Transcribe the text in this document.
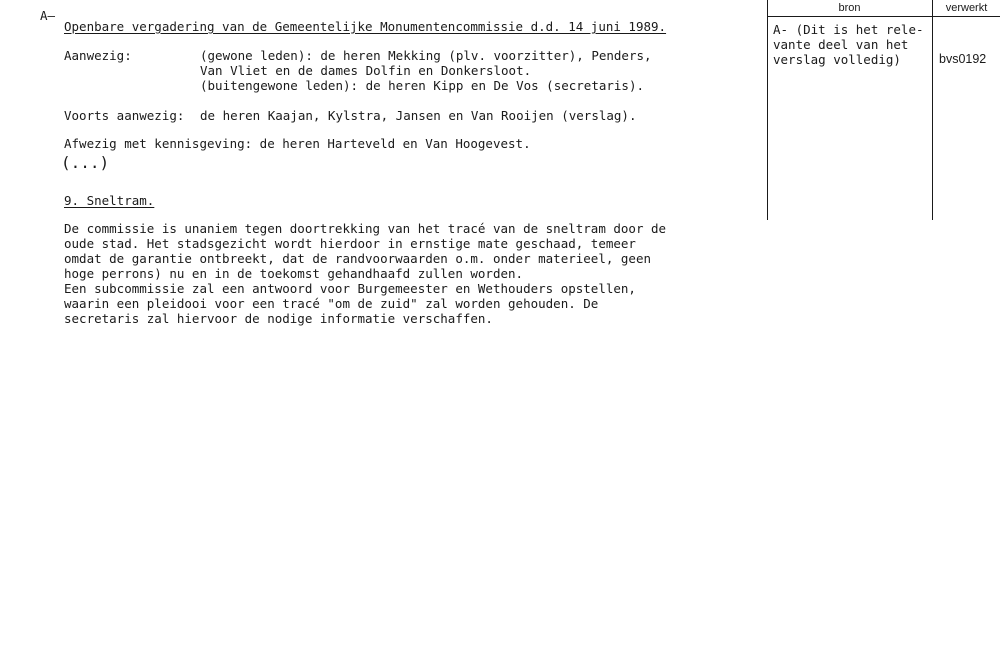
A—
Openbare vergadering van de Gemeentelijke Monumentencommissie d.d. 14 juni 1989.
Aanwezig:	(gewone leden): de heren Mekking (plv. voorzitter), Penders,
Van Vliet en de dames Dolfin en Donkersloot.
(buitengewone leden): de heren Kipp en De Vos (secretaris).
Voorts aanwezig: de heren Kaajan, Kylstra, Jansen en Van Rooijen (verslag).
Afwezig met kennisgeving: de heren Harteveld en Van Hoogevest.
(...)
9. Sneltram.
De commissie is unaniem tegen doortrekking van het tracé van de sneltram door de
oude stad. Het stadsgezicht wordt hierdoor in ernstige mate geschaad, temeer
omdat de garantie ontbreekt, dat de randvoorwaarden o.m. onder materieel, geen
hoge perrons) nu en in de toekomst gehandhaafd zullen worden.
Een subcommissie zal een antwoord voor Burgemeester en Wethouders opstellen,
waarin een pleidooi voor een tracé "om de zuid" zal worden gehouden. De
secretaris zal hiervoor de nodige informatie verschaffen.
bron	verwerkt
A- (Dit is het rele-
vante deel van het
verslag volledig)	bvs0192
